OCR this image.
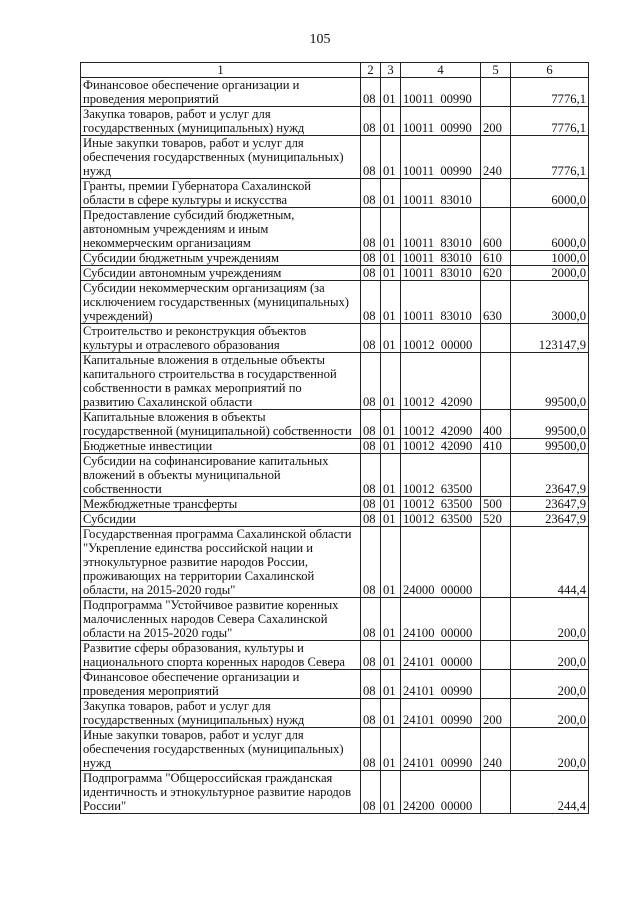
105
1	2	3	4	5	6
Финансовое обеспечение организации и проведения мероприятий	08	01	10011  00990		7776,1
Закупка товаров, работ и услуг для государственных (муниципальных) нужд	08	01	10011  00990	200	7776,1
Иные закупки товаров, работ и услуг для обеспечения государственных (муниципальных) нужд	08	01	10011  00990	240	7776,1
Гранты, премии Губернатора Сахалинской области в сфере культуры и искусства	08	01	10011  83010		6000,0
Предоставление субсидий бюджетным, автономным учреждениям и иным некоммерческим организациям	08	01	10011  83010	600	6000,0
Субсидии бюджетным учреждениям	08	01	10011  83010	610	1000,0
Субсидии автономным учреждениям	08	01	10011  83010	620	2000,0
Субсидии некоммерческим организациям (за исключением государственных (муниципальных) учреждений)	08	01	10011  83010	630	3000,0
Строительство и реконструкция объектов культуры и отраслевого образования	08	01	10012  00000		123147,9
Капитальные вложения в отдельные объекты капитального строительства в государственной собственности в рамках мероприятий по развитию Сахалинской области	08	01	10012  42090		99500,0
Капитальные вложения в объекты государственной (муниципальной) собственности	08	01	10012  42090	400	99500,0
Бюджетные инвестиции	08	01	10012  42090	410	99500,0
Субсидии на софинансирование капитальных вложений в объекты муниципальной собственности	08	01	10012  63500		23647,9
Межбюджетные трансферты	08	01	10012  63500	500	23647,9
Субсидии	08	01	10012  63500	520	23647,9
Государственная программа Сахалинской области "Укрепление единства российской нации и этнокультурное развитие народов России, проживающих на территории Сахалинской области, на 2015-2020 годы"	08	01	24000  00000		444,4
Подпрограмма "Устойчивое развитие коренных малочисленных народов Севера Сахалинской области на 2015-2020 годы"	08	01	24100  00000		200,0
Развитие сферы образования, культуры и национального спорта коренных народов Севера	08	01	24101  00000		200,0
Финансовое обеспечение организации и проведения мероприятий	08	01	24101  00990		200,0
Закупка товаров, работ и услуг для государственных (муниципальных) нужд	08	01	24101  00990	200	200,0
Иные закупки товаров, работ и услуг для обеспечения государственных (муниципальных) нужд	08	01	24101  00990	240	200,0
Подпрограмма "Общероссийская гражданская идентичность и этнокультурное развитие народов России"	08	01	24200  00000		244,4
